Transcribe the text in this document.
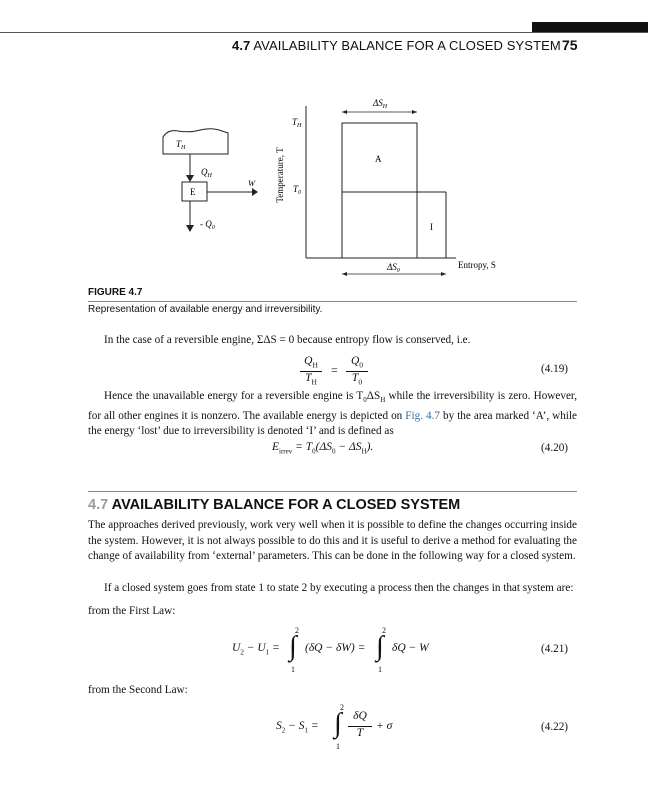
4.7 AVAILABILITY BALANCE FOR A CLOSED SYSTEM 75
$T_H$
$Q_H$
E
W
- $Q_0$
Temperature, T
$T_H$
$T_0$
A
I
$\Delta S_H$
$\Delta S_0$
Entropy, S
FIGURE 4.7
Representation of available energy and irreversibility.
In the case of a reversible engine, ΣΔS = 0 because entropy flow is conserved, i.e.
$Q_H$
$T_H$
=
$Q_0$
$T_0$
(4.19)
Hence the unavailable energy for a reversible engine is $T_0\Delta S_H$ while the irreversibility is zero. However, for all other engines it is nonzero. The available energy is depicted on Fig. 4.7 by the area marked ‘A’, while the energy ‘lost’ due to irreversibility is denoted ‘I’ and is defined as
$E_{irrev} = T_0(\Delta S_0 - \Delta S_H)$.	(4.20)
4.7 AVAILABILITY BALANCE FOR A CLOSED SYSTEM
The approaches derived previously, work very well when it is possible to define the changes occurring inside the system. However, it is not always possible to do this and it is useful to derive a method for evaluating the change of availability from ‘external’ parameters. This can be done in the following way for a closed system.
If a closed system goes from state 1 to state 2 by executing a process then the changes in that system are:
from the First Law:
$U_2 - U_1$ =
2
∫
1
(δQ − δW) =
2
∫
1
δQ − W	(4.21)
from the Second Law:
$S_2 - S_1$ =
2
∫
1
δQ
T
+ σ	(4.22)
